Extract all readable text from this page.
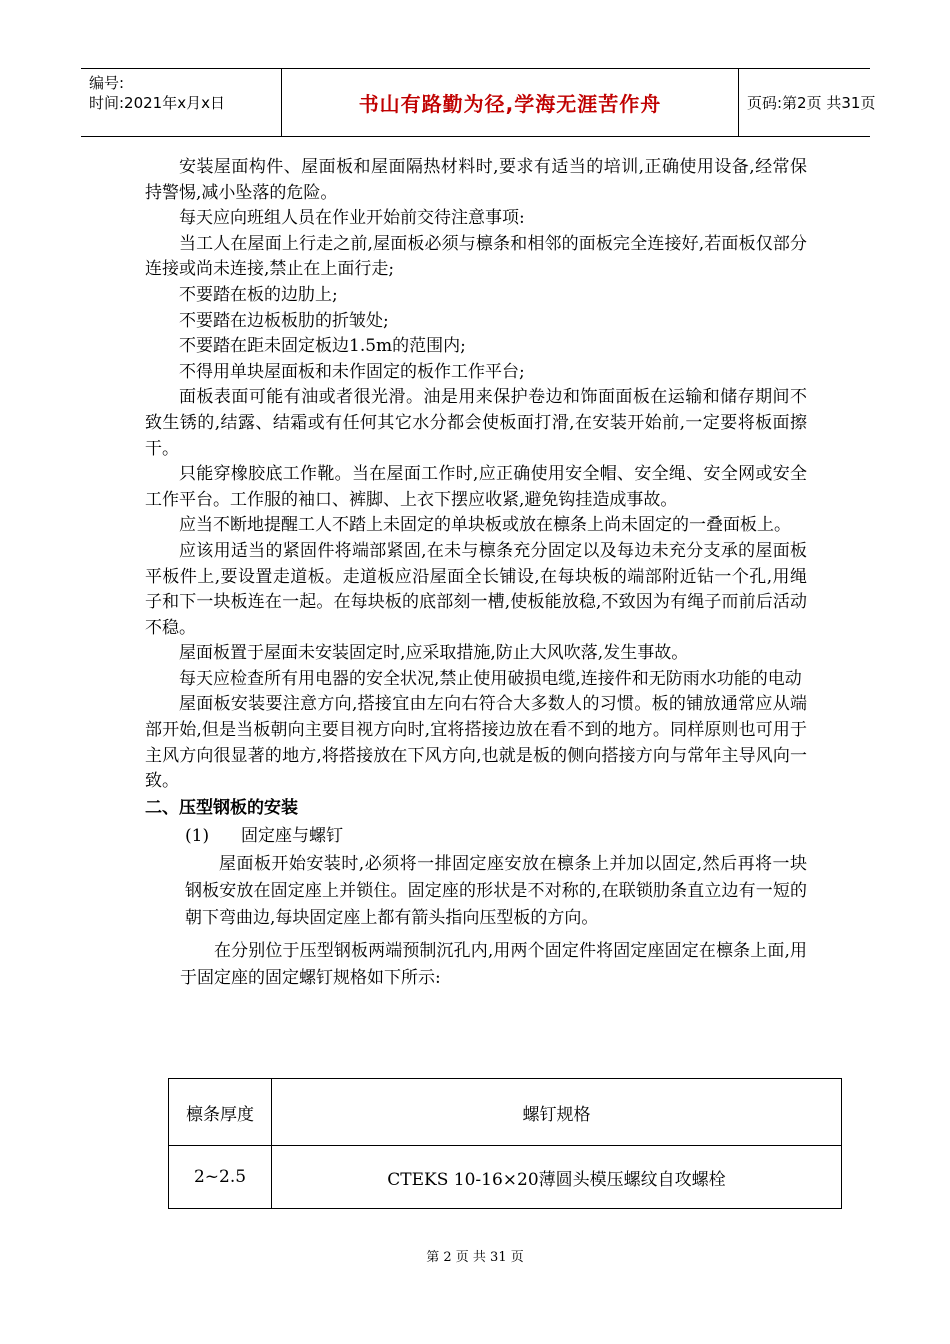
编号:
时间:2021年x月x日	书山有路勤为径,学海无涯苦作舟	页码:第2页 共31页

安装屋面构件、屋面板和屋面隔热材料时,要求有适当的培训,正确使用设备,经常保持警惕,减小坠落的危险。

每天应向班组人员在作业开始前交待注意事项:

当工人在屋面上行走之前,屋面板必须与檩条和相邻的面板完全连接好,若面板仅部分连接或尚未连接,禁止在上面行走;

不要踏在板的边肋上;

不要踏在边板板肋的折皱处;

不要踏在距未固定板边1.5m的范围内;

不得用单块屋面板和未作固定的板作工作平台;

面板表面可能有油或者很光滑。油是用来保护卷边和饰面面板在运输和储存期间不致生锈的,结露、结霜或有任何其它水分都会使板面打滑,在安装开始前,一定要将板面擦干。

只能穿橡胶底工作靴。当在屋面工作时,应正确使用安全帽、安全绳、安全网或安全工作平台。工作服的袖口、裤脚、上衣下摆应收紧,避免钩挂造成事故。

应当不断地提醒工人不踏上未固定的单块板或放在檩条上尚未固定的一叠面板上。

应该用适当的紧固件将端部紧固,在未与檩条充分固定以及每边未充分支承的屋面板平板件上,要设置走道板。走道板应沿屋面全长铺设,在每块板的端部附近钻一个孔,用绳子和下一块板连在一起。在每块板的底部刻一槽,使板能放稳,不致因为有绳子而前后活动不稳。

屋面板置于屋面未安装固定时,应采取措施,防止大风吹落,发生事故。

每天应检查所有用电器的安全状况,禁止使用破损电缆,连接件和无防雨水功能的电动

屋面板安装要注意方向,搭接宜由左向右符合大多数人的习惯。板的铺放通常应从端部开始,但是当板朝向主要目视方向时,宜将搭接边放在看不到的地方。同样原则也可用于主风方向很显著的地方,将搭接放在下风方向,也就是板的侧向搭接方向与常年主导风向一致。

二、压型钢板的安装

(1) 固定座与螺钉

屋面板开始安装时,必须将一排固定座安放在檩条上并加以固定,然后再将一块钢板安放在固定座上并锁住。固定座的形状是不对称的,在联锁肋条直立边有一短的朝下弯曲边,每块固定座上都有箭头指向压型板的方向。

在分别位于压型钢板两端预制沉孔内,用两个固定件将固定座固定在檩条上面,用于固定座的固定螺钉规格如下所示:

檩条厚度	螺钉规格
2~2.5	CTEKS 10-16×20薄圆头模压螺纹自攻螺栓
第 2 页 共 31 页
